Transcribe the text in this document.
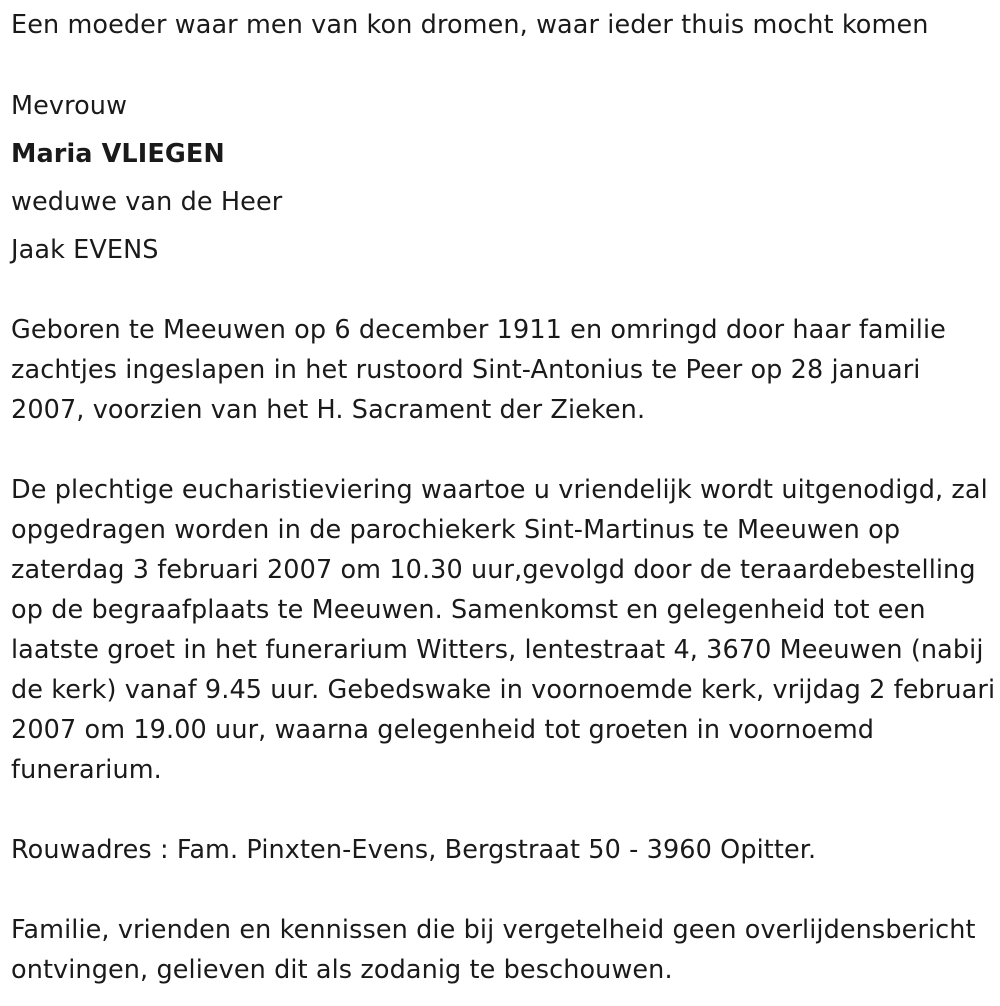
Een moeder waar men van kon dromen, waar ieder thuis mocht komen
Mevrouw
Maria VLIEGEN
weduwe van de Heer
Jaak EVENS

Geboren te Meeuwen op 6 december 1911 en omringd door haar familie zachtjes ingeslapen in het rustoord Sint-Antonius te Peer op 28 januari 2007, voorzien van het H. Sacrament der Zieken.

De plechtige eucharistieviering waartoe u vriendelijk wordt uitgenodigd, zal opgedragen worden in de parochiekerk Sint-Martinus te Meeuwen op zaterdag 3 februari 2007 om 10.30 uur,gevolgd door de teraardebestelling op de begraafplaats te Meeuwen. Samenkomst en gelegenheid tot een laatste groet in het funerarium Witters, lentestraat 4, 3670 Meeuwen (nabij de kerk) vanaf 9.45 uur. Gebedswake in voornoemde kerk, vrijdag 2 februari 2007 om 19.00 uur, waarna gelegenheid tot groeten in voornoemd funerarium.

Rouwadres : Fam. Pinxten-Evens, Bergstraat 50 - 3960 Opitter.

Familie, vrienden en kennissen die bij vergetelheid geen overlijdensbericht ontvingen, gelieven dit als zodanig te beschouwen.
